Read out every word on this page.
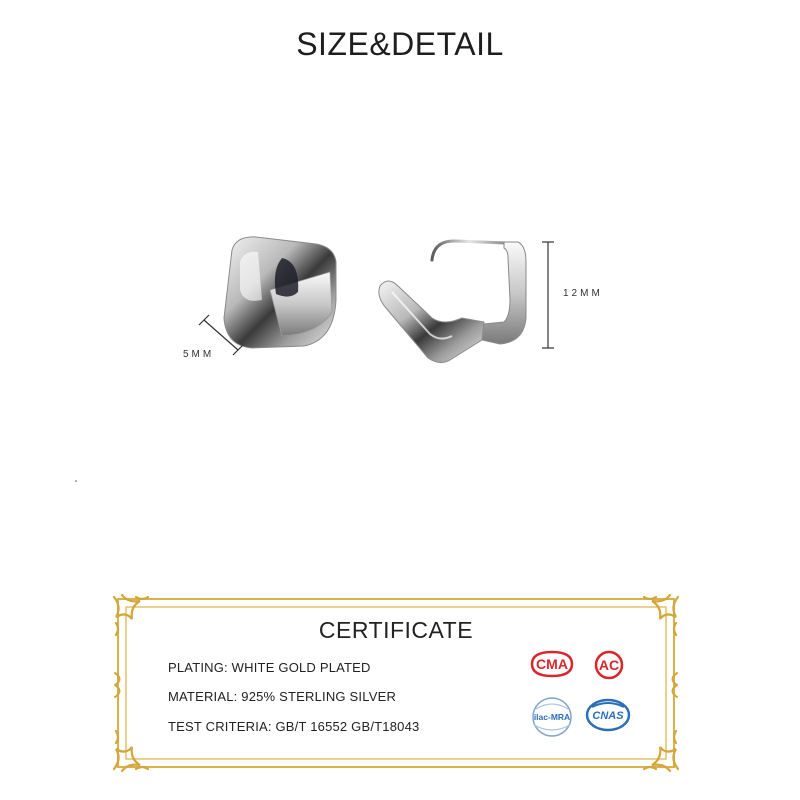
SIZE&DETAIL
5MM
12MM
CERTIFICATE
PLATING: WHITE GOLD PLATED
MATERIAL: 925% STERLING SILVER
TEST CRITERIA: GB/T 16552 GB/T18043
CMA AC
ilac-MRA CNAS
